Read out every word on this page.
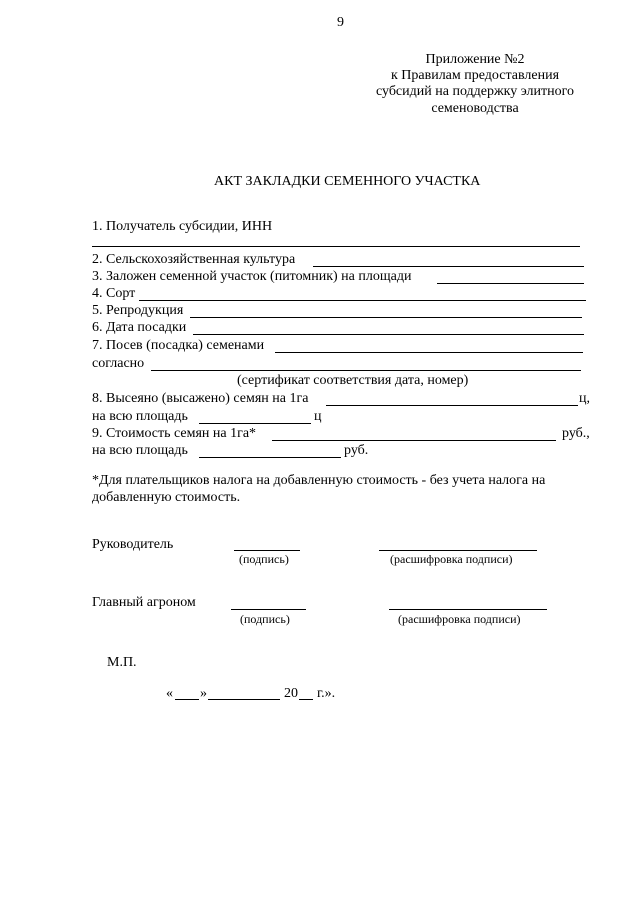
9
Приложение №2
к Правилам предоставления
субсидий на поддержку элитного
семеноводства
АКТ ЗАКЛАДКИ СЕМЕННОГО УЧАСТКА
1. Получатель субсидии, ИНН
2. Сельскохозяйственная культура
3. Заложен семенной участок (питомник) на площади
4. Сорт
5. Репродукция
6. Дата посадки
7. Посев (посадка) семенами
согласно
(сертификат соответствия дата, номер)
8. Высеяно (высажено) семян на 1га	ц,
на всю площадь	ц
9. Стоимость семян на 1га*	руб.,
на всю площадь	руб.
*Для плательщиков налога на добавленную стоимость - без учета налога на
добавленную стоимость.
Руководитель
(подпись)	(расшифровка подписи)
Главный агроном
(подпись)	(расшифровка подписи)
М.П.
« »	20 г.».
